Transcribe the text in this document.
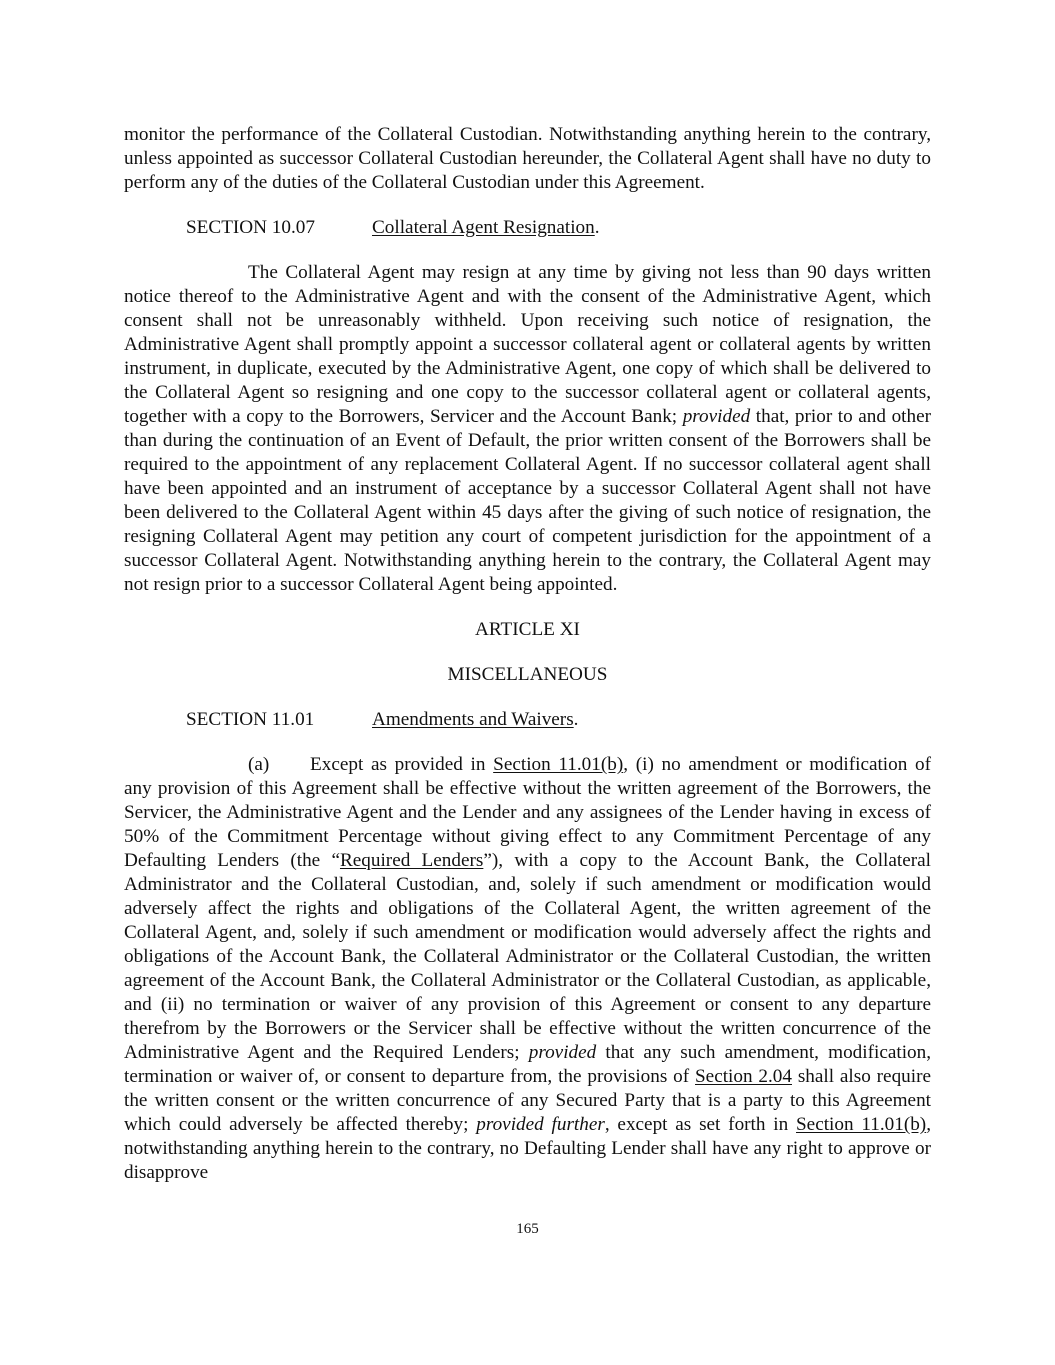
monitor the performance of the Collateral Custodian. Notwithstanding anything herein to the contrary, unless appointed as successor Collateral Custodian hereunder, the Collateral Agent shall have no duty to perform any of the duties of the Collateral Custodian under this Agreement.

SECTION 10.07	Collateral Agent Resignation.

The Collateral Agent may resign at any time by giving not less than 90 days written notice thereof to the Administrative Agent and with the consent of the Administrative Agent, which consent shall not be unreasonably withheld. Upon receiving such notice of resignation, the Administrative Agent shall promptly appoint a successor collateral agent or collateral agents by written instrument, in duplicate, executed by the Administrative Agent, one copy of which shall be delivered to the Collateral Agent so resigning and one copy to the successor collateral agent or collateral agents, together with a copy to the Borrowers, Servicer and the Account Bank; provided that, prior to and other than during the continuation of an Event of Default, the prior written consent of the Borrowers shall be required to the appointment of any replacement Collateral Agent. If no successor collateral agent shall have been appointed and an instrument of acceptance by a successor Collateral Agent shall not have been delivered to the Collateral Agent within 45 days after the giving of such notice of resignation, the resigning Collateral Agent may petition any court of competent jurisdiction for the appointment of a successor Collateral Agent. Notwithstanding anything herein to the contrary, the Collateral Agent may not resign prior to a successor Collateral Agent being appointed.

ARTICLE XI
MISCELLANEOUS
SECTION 11.01	Amendments and Waivers.

(a) Except as provided in Section 11.01(b), (i) no amendment or modification of any provision of this Agreement shall be effective without the written agreement of the Borrowers, the Servicer, the Administrative Agent and the Lender and any assignees of the Lender having in excess of 50% of the Commitment Percentage without giving effect to any Commitment Percentage of any Defaulting Lenders (the “Required Lenders”), with a copy to the Account Bank, the Collateral Administrator and the Collateral Custodian, and, solely if such amendment or modification would adversely affect the rights and obligations of the Collateral Agent, the written agreement of the Collateral Agent, and, solely if such amendment or modification would adversely affect the rights and obligations of the Account Bank, the Collateral Administrator or the Collateral Custodian, the written agreement of the Account Bank, the Collateral Administrator or the Collateral Custodian, as applicable, and (ii) no termination or waiver of any provision of this Agreement or consent to any departure therefrom by the Borrowers or the Servicer shall be effective without the written concurrence of the Administrative Agent and the Required Lenders; provided that any such amendment, modification, termination or waiver of, or consent to departure from, the provisions of Section 2.04 shall also require the written consent or the written concurrence of any Secured Party that is a party to this Agreement which could adversely be affected thereby; provided further, except as set forth in Section 11.01(b), notwithstanding anything herein to the contrary, no Defaulting Lender shall have any right to approve or disapprove

165
